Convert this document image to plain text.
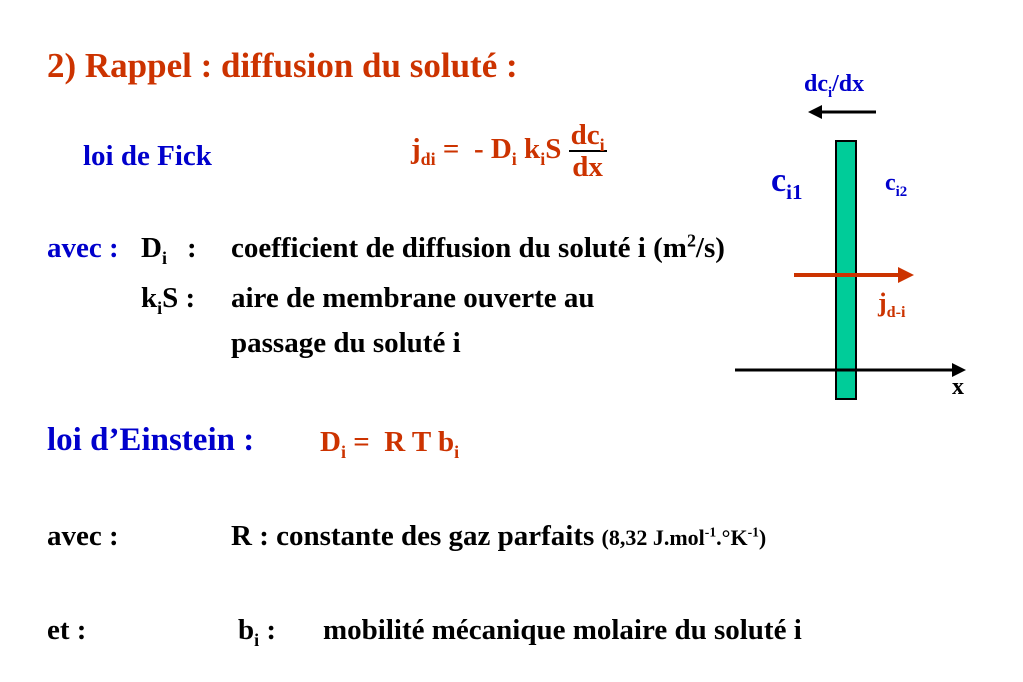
2) Rappel : diffusion du soluté :
loi de Fick	$j_{di}$ =  - $D_i$ $k_iS \frac{dc_i}{dx}$
avec : $D_i$ : coefficient de diffusion du soluté i $(m^2/s)$
$k_iS$ : aire de membrane ouverte au
passage du soluté i
loi d’Einstein : $D_i = R$ T $b_i$
avec :	R : constante des gaz parfaits (8,32 $J.mol^{-1}.^\circ K^{-1}$)
et :	$b_i$ : mobilité mécanique molaire du soluté i
$dc_i/dx$
$c_{i1}$	$c_{i2}$
$j_{d-i}$
x
